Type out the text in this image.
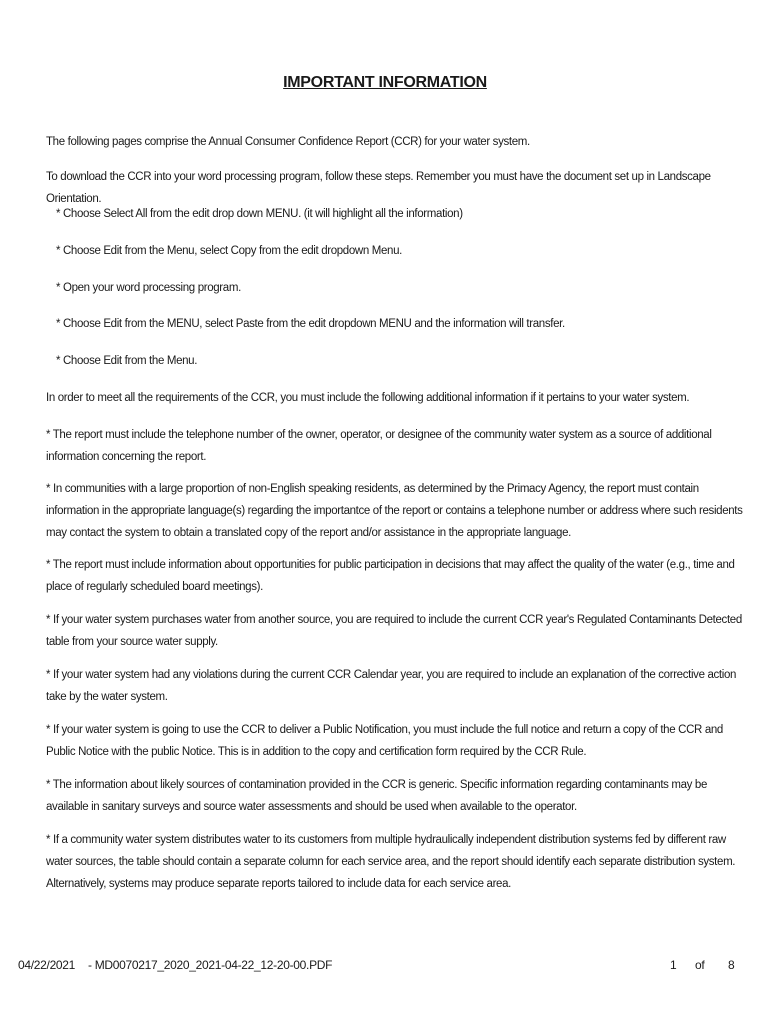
IMPORTANT INFORMATION
The following pages comprise the Annual Consumer Confidence Report (CCR) for your water system.
To download the CCR into your word processing program, follow these steps. Remember you must have the document set up in Landscape Orientation.
* Choose Select All from the edit drop down MENU. (it will highlight all the information)
* Choose Edit from the Menu, select Copy from the edit dropdown Menu.
* Open your word processing program.
* Choose Edit from the MENU, select Paste from the edit dropdown MENU and the information will transfer.
* Choose Edit from the Menu.
In order to meet all the requirements of the CCR, you must include the following additional information if it pertains to your water system.
* The report must include the telephone number of the owner, operator, or designee of the community water system as a source of additional information concerning the report.
* In communities with a large proportion of non-English speaking residents, as determined by the Primacy Agency, the report must contain information in the appropriate language(s) regarding the importantce of the report or contains a telephone number or address where such residents may contact the system to obtain a translated copy of the report and/or assistance in the appropriate language.
* The report must include information about opportunities for public participation in decisions that may affect the quality of the water (e.g., time and place of regularly scheduled board meetings).
* If your water system purchases water from another source, you are required to include the current CCR year's Regulated Contaminants Detected table from your source water supply.
* If your water system had any violations during the current CCR Calendar year, you are required to include an explanation of the corrective action take by the water system.
* If your water system is going to use the CCR to deliver a Public Notification, you must include the full notice and return a copy of the CCR and Public Notice with the public Notice. This is in addition to the copy and certification form required by the CCR Rule.
* The information about likely sources of contamination provided in the CCR is generic. Specific information regarding contaminants may be available in sanitary surveys and source water assessments and should be used when available to the operator.
* If a community water system distributes water to its customers from multiple hydraulically independent distribution systems fed by different raw water sources, the table should contain a separate column for each service area, and the report should identify each separate distribution system. Alternatively, systems may produce separate reports tailored to include data for each service area.
04/22/2021 - MD0070217_2020_2021-04-22_12-20-00.PDF	1 of 8
